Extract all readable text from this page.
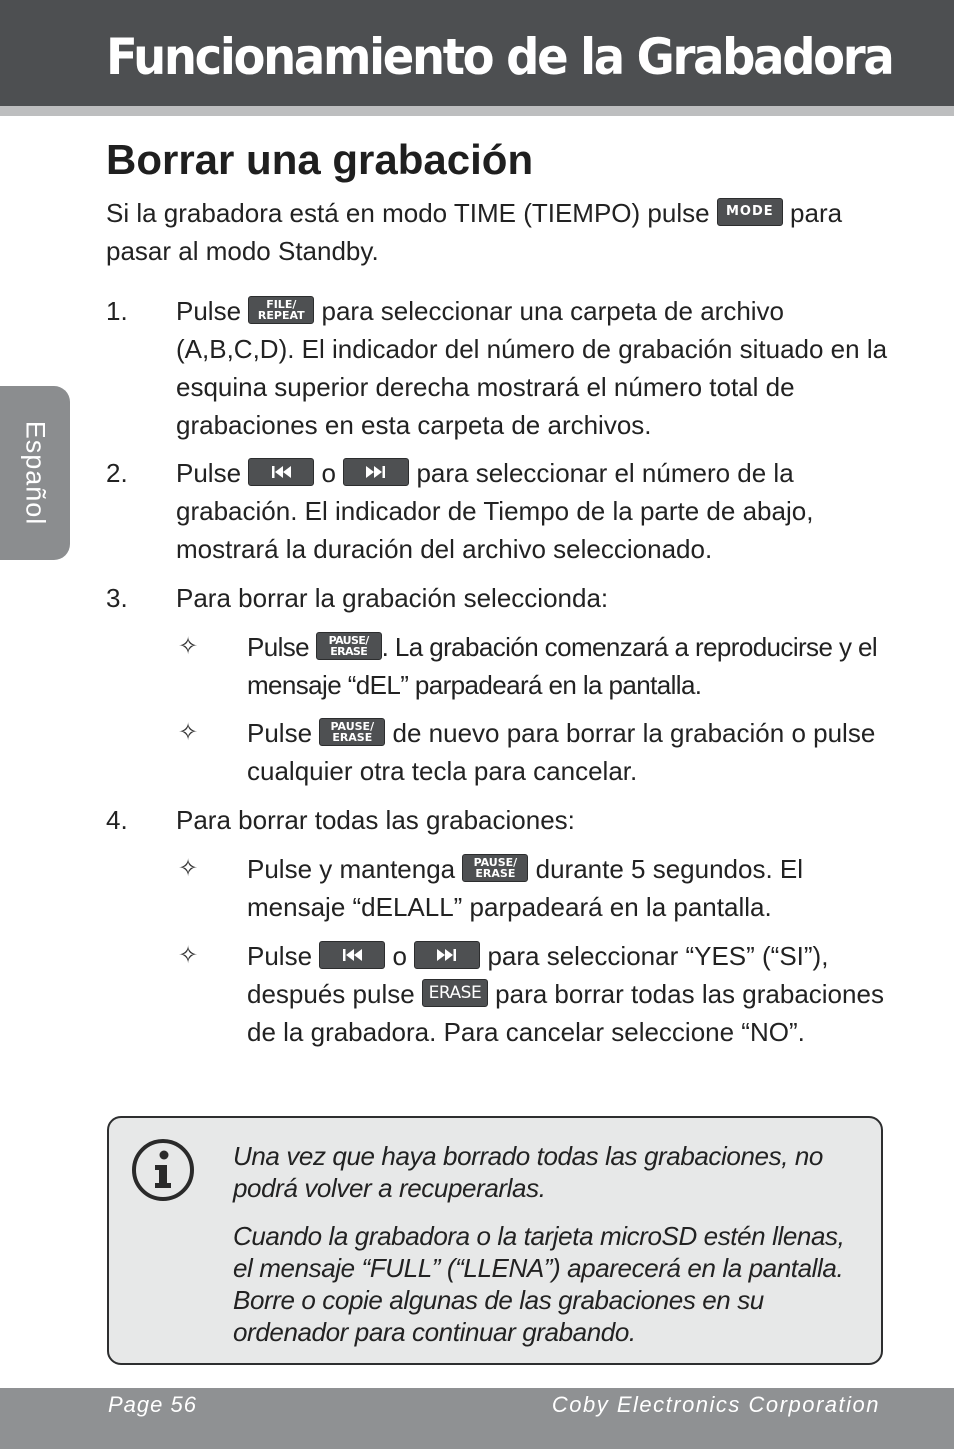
Funcionamiento de la Grabadora
Español
Borrar una grabación

Si la grabadora está en modo TIME (TIEMPO) pulse MODE para pasar al modo Standby.

1. Pulse	FILE/
REPEAT para seleccionar una carpeta de archivo (A,B,C,D). El indicador del número de grabación situado en la esquina superior derecha mostrará el número total de grabaciones en esta carpeta de archivos.

2. Pulse	o	para seleccionar el número de la grabación. El indicador de Tiempo de la parte de abajo, mostrará la duración del archivo seleccionado.

3. Para borrar la grabación seleccionda:

✧ Pulse	PAUSE/
ERASE . La grabación comenzará a reproducirse y el mensaje “dEL” parpadeará en la pantalla.

✧ Pulse	PAUSE/
ERASE de nuevo para borrar la grabación o pulse cualquier otra tecla para cancelar.

4. Para borrar todas las grabaciones:

✧ Pulse y mantenga	PAUSE/
ERASE durante 5 segundos. El mensaje “dELALL” parpadeará en la pantalla.

✧ Pulse	o	para seleccionar “YES” (“SI”), después pulse ERASE para borrar todas las grabaciones de la grabadora. Para cancelar seleccione “NO”.

Una vez que haya borrado todas las grabaciones, no podrá volver a recuperarlas.

Cuando la grabadora o la tarjeta microSD estén llenas, el mensaje “FULL” (“LLENA”) aparecerá en la pantalla. Borre o copie algunas de las grabaciones en su ordenador para continuar grabando.

Page 56	Coby Electronics Corporation
